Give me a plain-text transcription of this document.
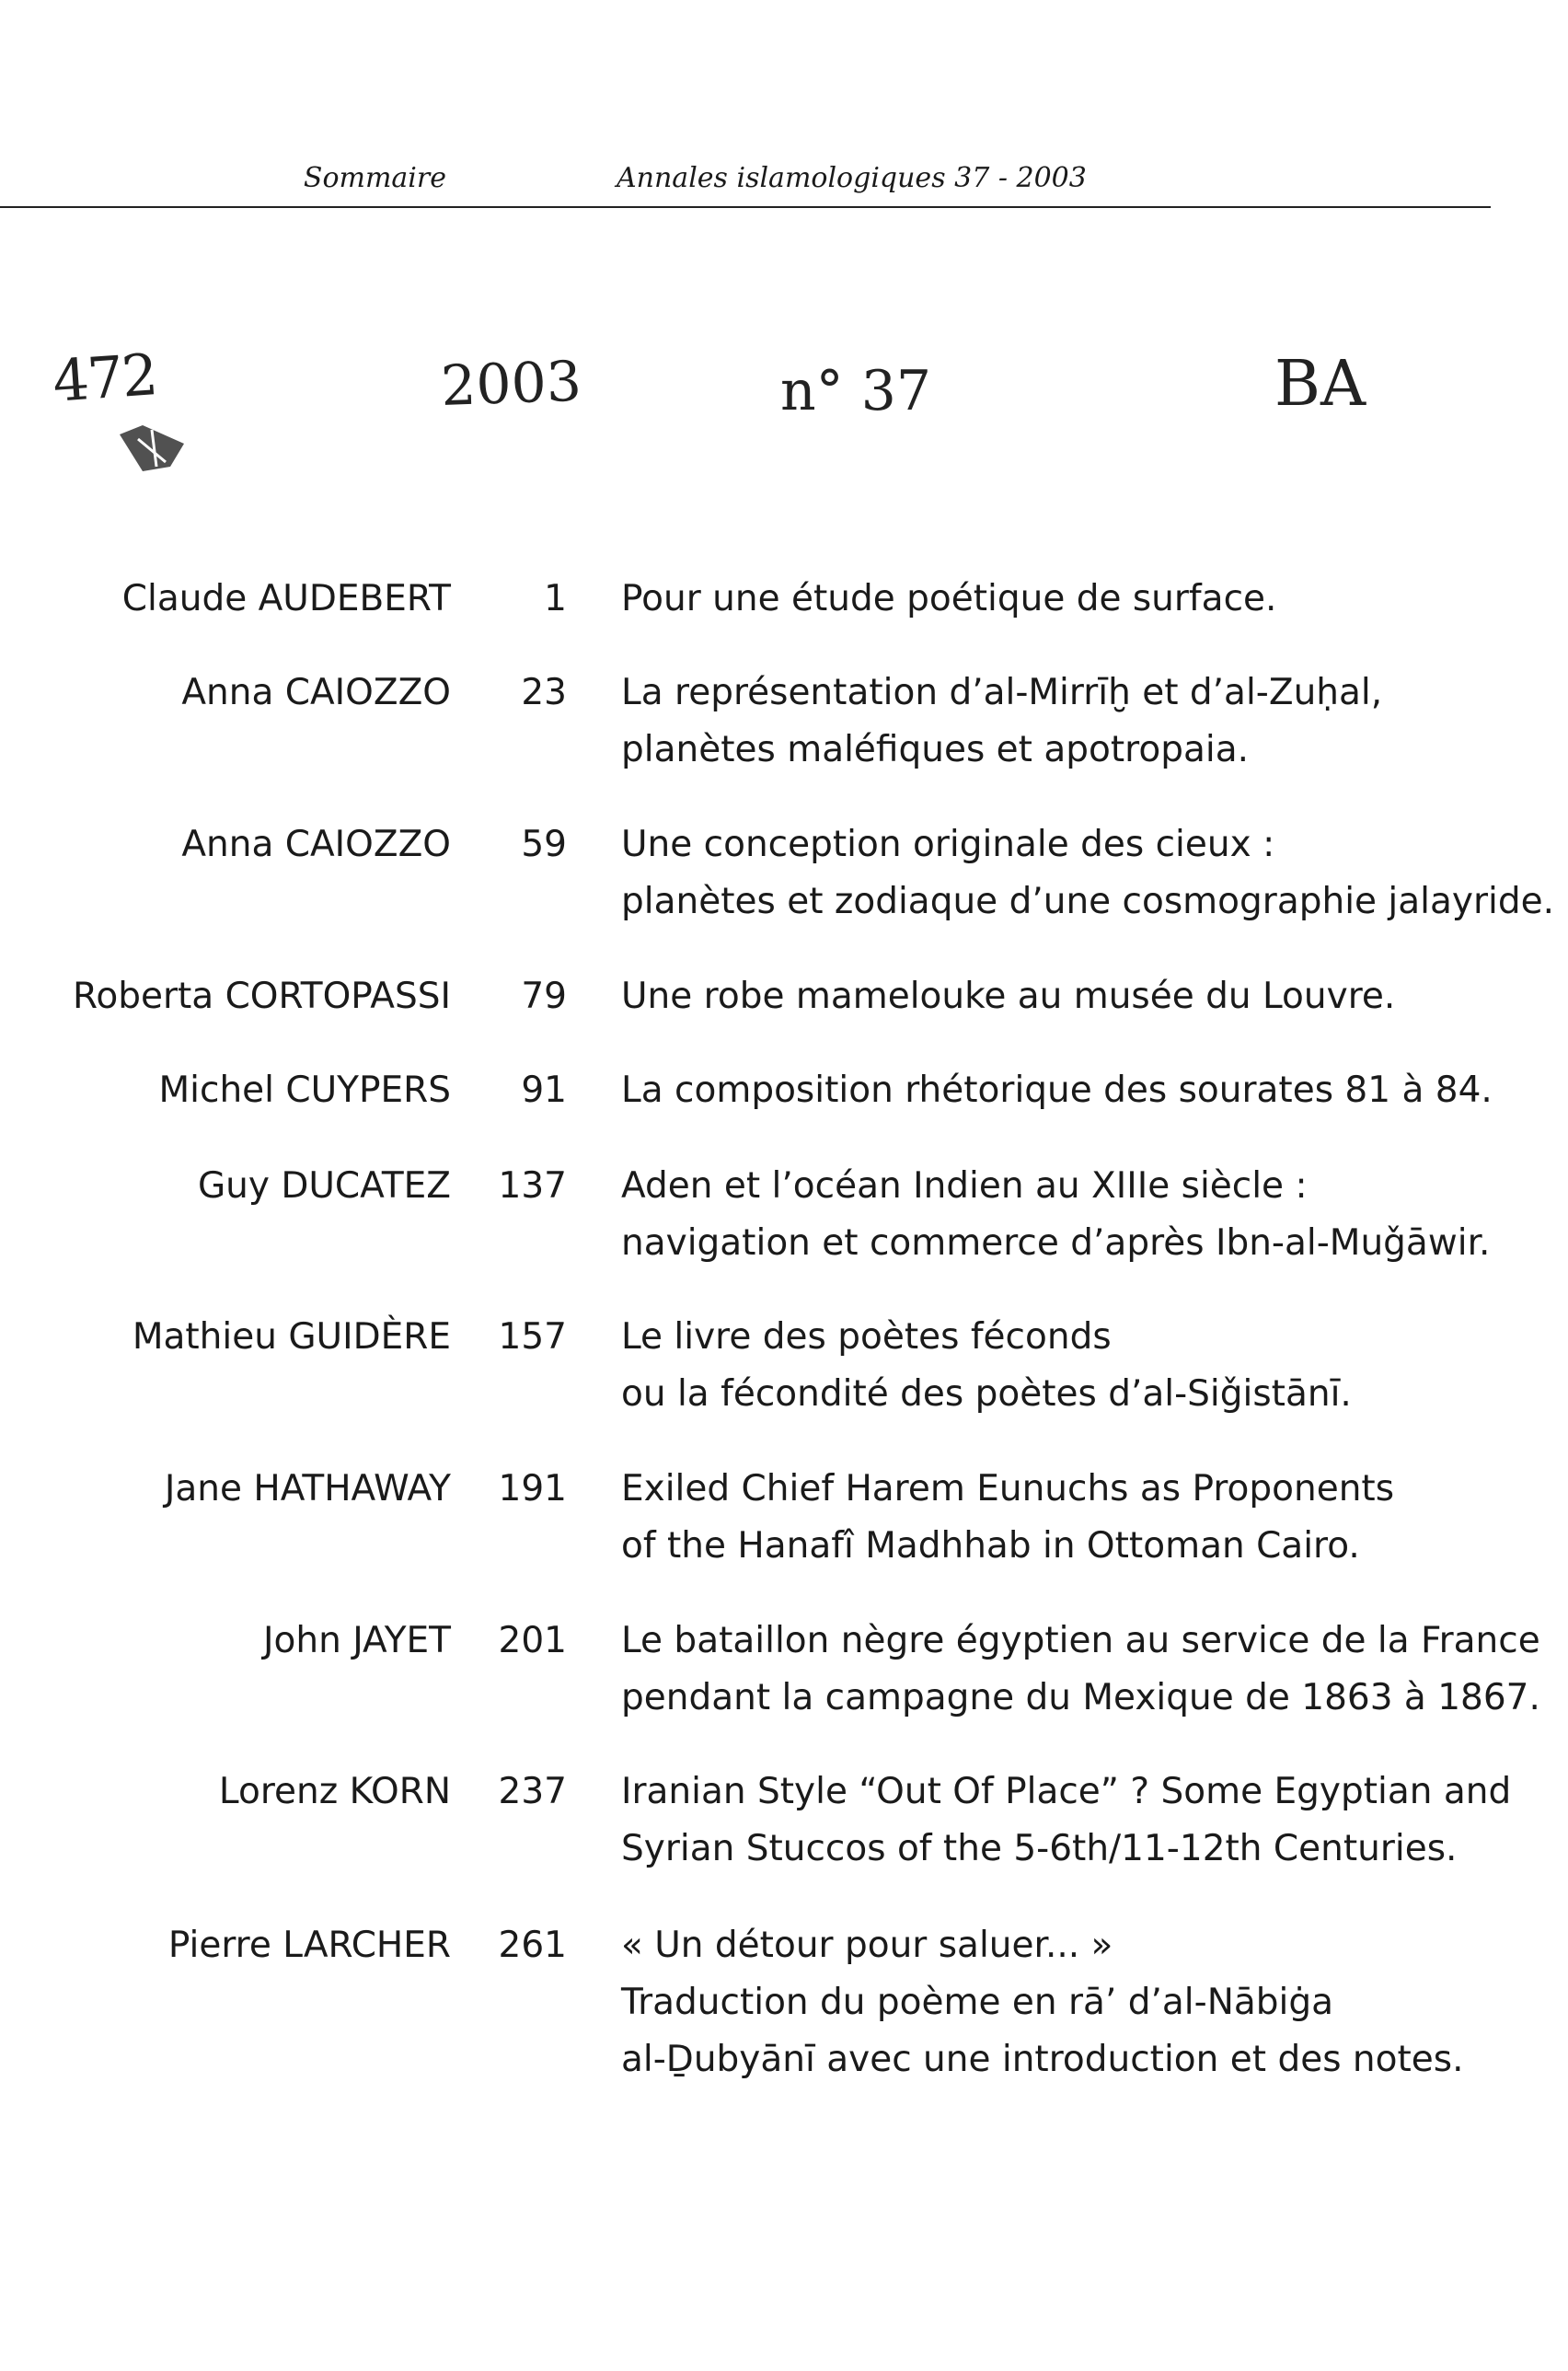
Sommaire	Annales islamologiques 37 - 2003
472	2003	n° 37	BA
Claude AUDEBERT	1 Pour une étude poétique de surface.
Anna CAIOZZO	23 La représentation d’al-Mirrīḫ et d’al-Zuḥal,
planètes maléfiques et apotropaia.
Anna CAIOZZO	59 Une conception originale des cieux :
planètes et zodiaque d’une cosmographie jalayride.
Roberta CORTOPASSI	79 Une robe mamelouke au musée du Louvre.
Michel CUYPERS	91 La composition rhétorique des sourates 81 à 84.
Guy DUCATEZ	137 Aden et l’océan Indien au XIIIe siècle :
navigation et commerce d’après Ibn-al-Muǧāwir.
Mathieu GUIDÈRE	157 Le livre des poètes féconds
ou la fécondité des poètes d’al-Siǧistānī.
Jane HATHAWAY	191 Exiled Chief Harem Eunuchs as Proponents
of the Hanafî Madhhab in Ottoman Cairo.
John JAYET	201 Le bataillon nègre égyptien au service de la France
pendant la campagne du Mexique de 1863 à 1867.
Lorenz KORN	237 Iranian Style “Out Of Place” ? Some Egyptian and
Syrian Stuccos of the 5-6th/11-12th Centuries.
Pierre LARCHER	261 « Un détour pour saluer... »
Traduction du poème en rā’ d’al-Nābiġa
al-Ḏubyānī avec une introduction et des notes.
